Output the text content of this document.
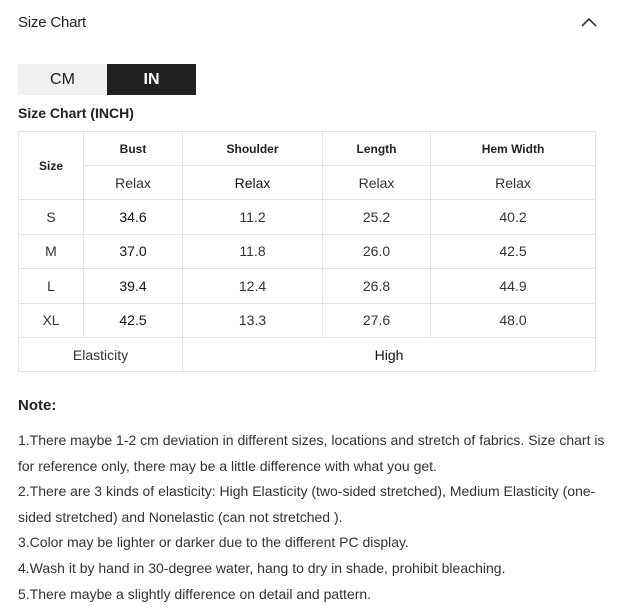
Size Chart
CM	IN
Size Chart (INCH)
Size	Bust	Shoulder	Length	Hem Width
	Relax	Relax	Relax	Relax
S	34.6	11.2	25.2	40.2
M	37.0	11.8	26.0	42.5
L	39.4	12.4	26.8	44.9
XL	42.5	13.3	27.6	48.0
Elasticity		High		
Note:

1.There maybe 1-2 cm deviation in different sizes, locations and stretch of fabrics. Size chart is for reference only, there may be a little difference with what you get.

2.There are 3 kinds of elasticity: High Elasticity (two-sided stretched), Medium Elasticity (one-sided stretched) and Nonelastic (can not stretched ).

3.Color may be lighter or darker due to the different PC display.

4.Wash it by hand in 30-degree water, hang to dry in shade, prohibit bleaching.

5.There maybe a slightly difference on detail and pattern.
